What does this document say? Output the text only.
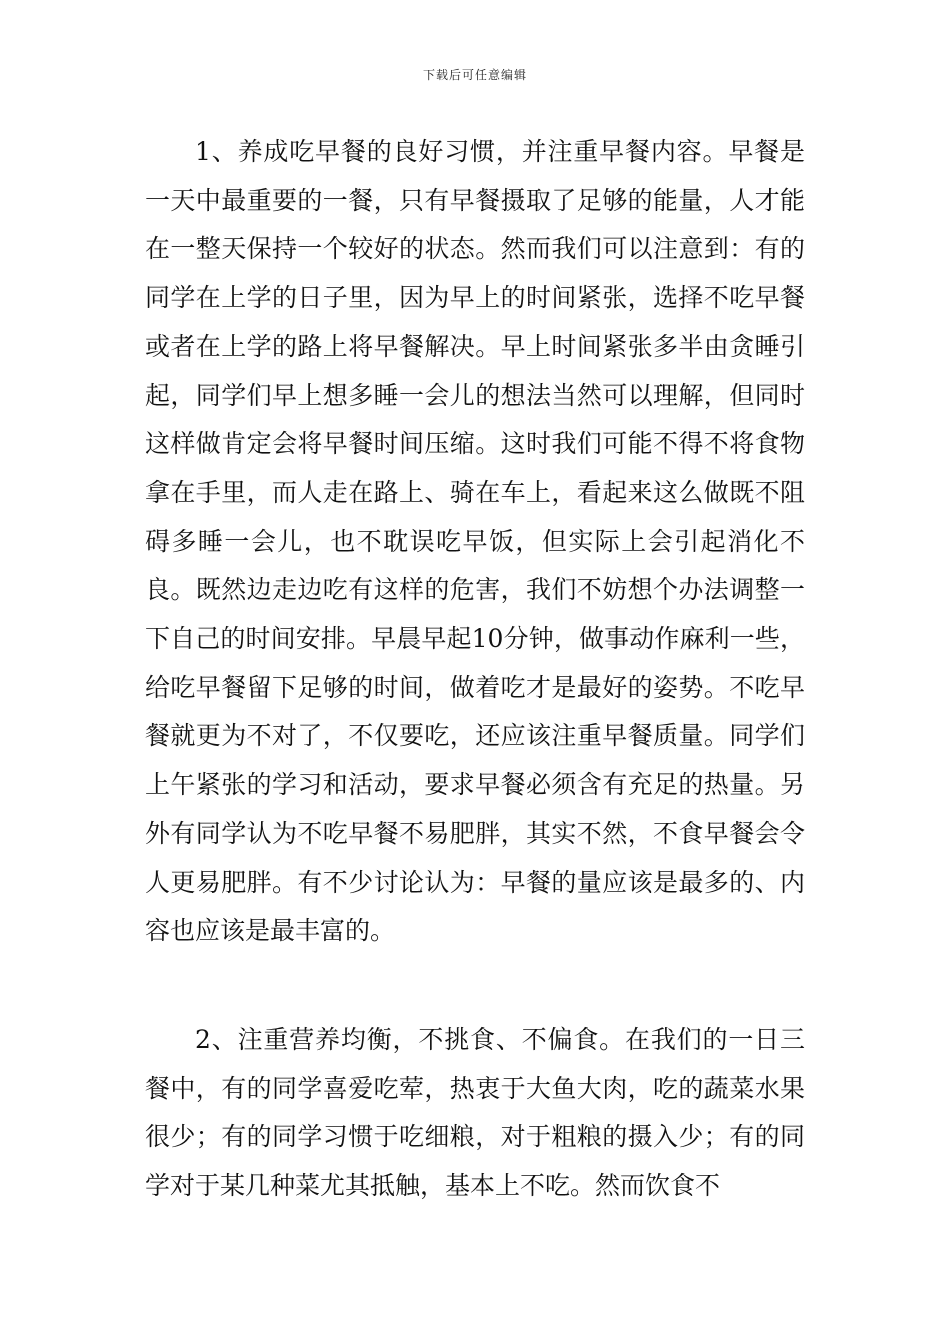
下载后可任意编辑

1、养成吃早餐的良好习惯，并注重早餐内容。早餐是一天中最重要的一餐，只有早餐摄取了足够的能量，人才能在一整天保持一个较好的状态。然而我们可以注意到：有的同学在上学的日子里，因为早上的时间紧张，选择不吃早餐或者在上学的路上将早餐解决。早上时间紧张多半由贪睡引起，同学们早上想多睡一会儿的想法当然可以理解，但同时这样做肯定会将早餐时间压缩。这时我们可能不得不将食物拿在手里，而人走在路上、骑在车上，看起来这么做既不阻碍多睡一会儿，也不耽误吃早饭，但实际上会引起消化不良。既然边走边吃有这样的危害，我们不妨想个办法调整一下自己的时间安排。早晨早起10分钟，做事动作麻利一些，给吃早餐留下足够的时间，做着吃才是最好的姿势。不吃早餐就更为不对了，不仅要吃，还应该注重早餐质量。同学们上午紧张的学习和活动，要求早餐必须含有充足的热量。另外有同学认为不吃早餐不易肥胖，其实不然，不食早餐会令人更易肥胖。有不少讨论认为：早餐的量应该是最多的、内容也应该是最丰富的。

2、注重营养均衡，不挑食、不偏食。在我们的一日三餐中，有的同学喜爱吃荤，热衷于大鱼大肉，吃的蔬菜水果很少；有的同学习惯于吃细粮，对于粗粮的摄入少；有的同学对于某几种菜尤其抵触，基本上不吃。然而饮食不
